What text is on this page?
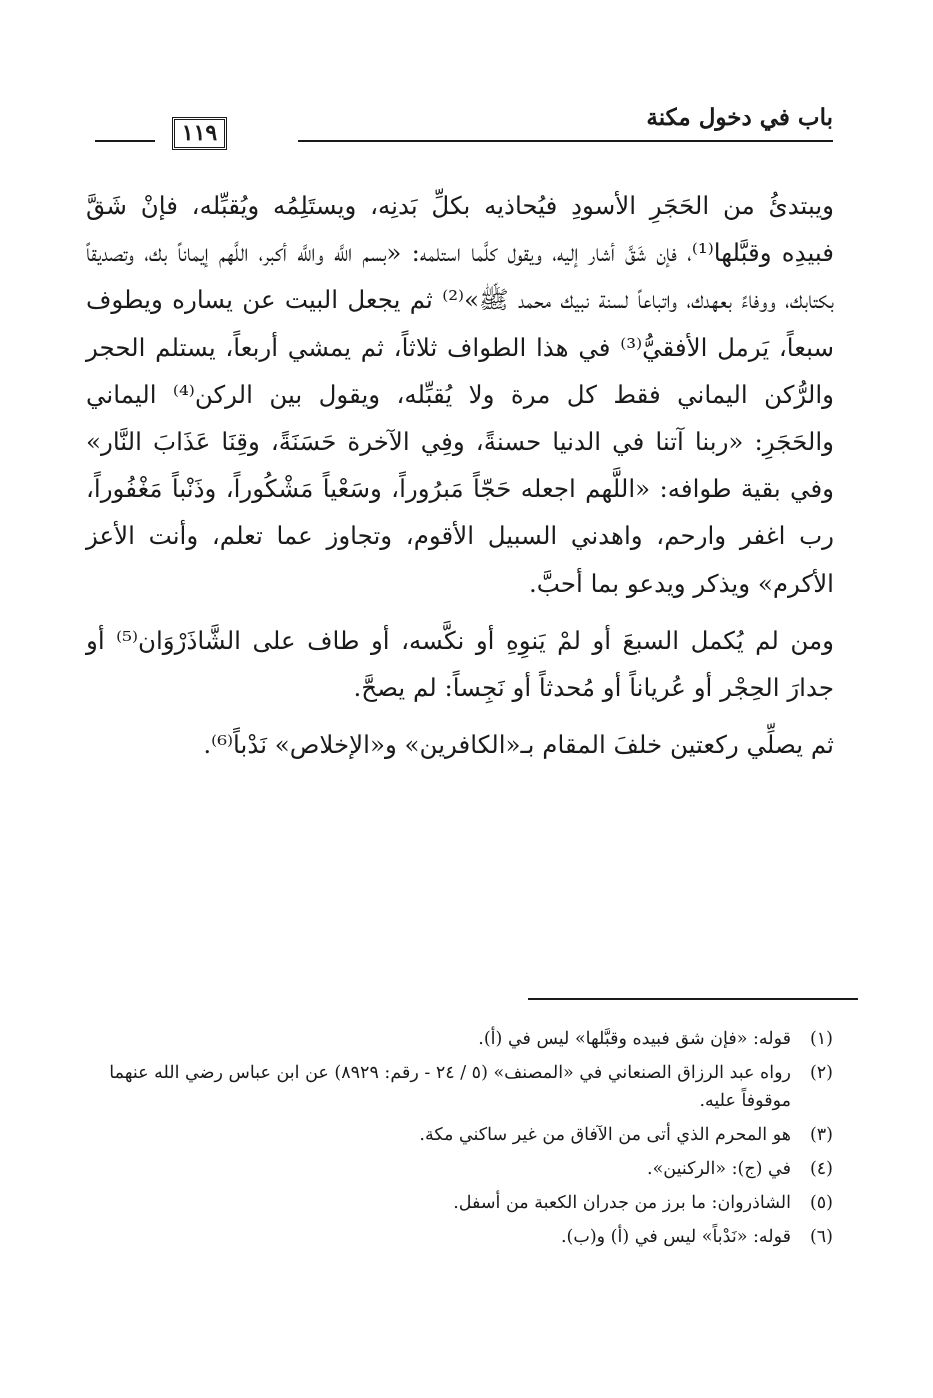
باب في دخول مكنة
١١٩

ويبتدئُ من الحَجَرِ الأسودِ فيُحاذيه بكلِّ بَدنِه، ويستَلِمُه ويُقبِّله، فإنْ شَقَّ فبيدِه وقبَّلها⁽¹⁾، فإن شَقَّ أشار إليه، ويقول كلَّما استلمه: «بسم اللَّه واللَّه أكبر، اللَّهم إيماناً بك، وتصديقاً بكتابك، ووفاءً بعهدك، واتباعاً لسنة نبيك محمد ﷺ»⁽²⁾ ثم يجعل البيت عن يساره ويطوف سبعاً، يَرمل الأفقيُّ⁽³⁾ في هذا الطواف ثلاثاً، ثم يمشي أربعاً، يستلم الحجر والرُّكن اليماني فقط كل مرة ولا يُقبِّله، ويقول بين الركن⁽⁴⁾ اليماني والحَجَرِ: «ربنا آتنا في الدنيا حسنةً، وفِي الآخرة حَسَنَةً، وقِنَا عَذَابَ النَّار» وفي بقية طوافه: «اللَّهم اجعله حَجّاً مَبرُوراً، وسَعْياً مَشْكُوراً، وذَنْباً مَغْفُوراً، رب اغفر وارحم، واهدني السبيل الأقوم، وتجاوز عما تعلم، وأنت الأعز الأكرم» ويذكر ويدعو بما أحبَّ.

ومن لم يُكمل السبعَ أو لمْ يَنوِهِ أو نكَّسه، أو طاف على الشَّاذَرْوَان⁽⁵⁾ أو جدارَ الحِجْر أو عُرياناً أو مُحدثاً أو نَجِساً: لم يصحَّ.

ثم يصلِّي ركعتين خلفَ المقام بـ«الكافرين» و«الإخلاص» نَدْباً⁽⁶⁾.

(١)
قوله: «فإن شق فبيده وقبَّلها» ليس في (أ).
(٢)
رواه عبد الرزاق الصنعاني في «المصنف» (٥ / ٢٤ - رقم: ٨٩٢٩) عن ابن عباس رضي الله عنهما موقوفاً عليه.
(٣)
هو المحرم الذي أتى من الآفاق من غير ساكني مكة.
(٤)
في (ج): «الركنين».
(٥)
الشاذروان: ما برز من جدران الكعبة من أسفل.
(٦)
قوله: «نَدْباً» ليس في (أ) و(ب).
